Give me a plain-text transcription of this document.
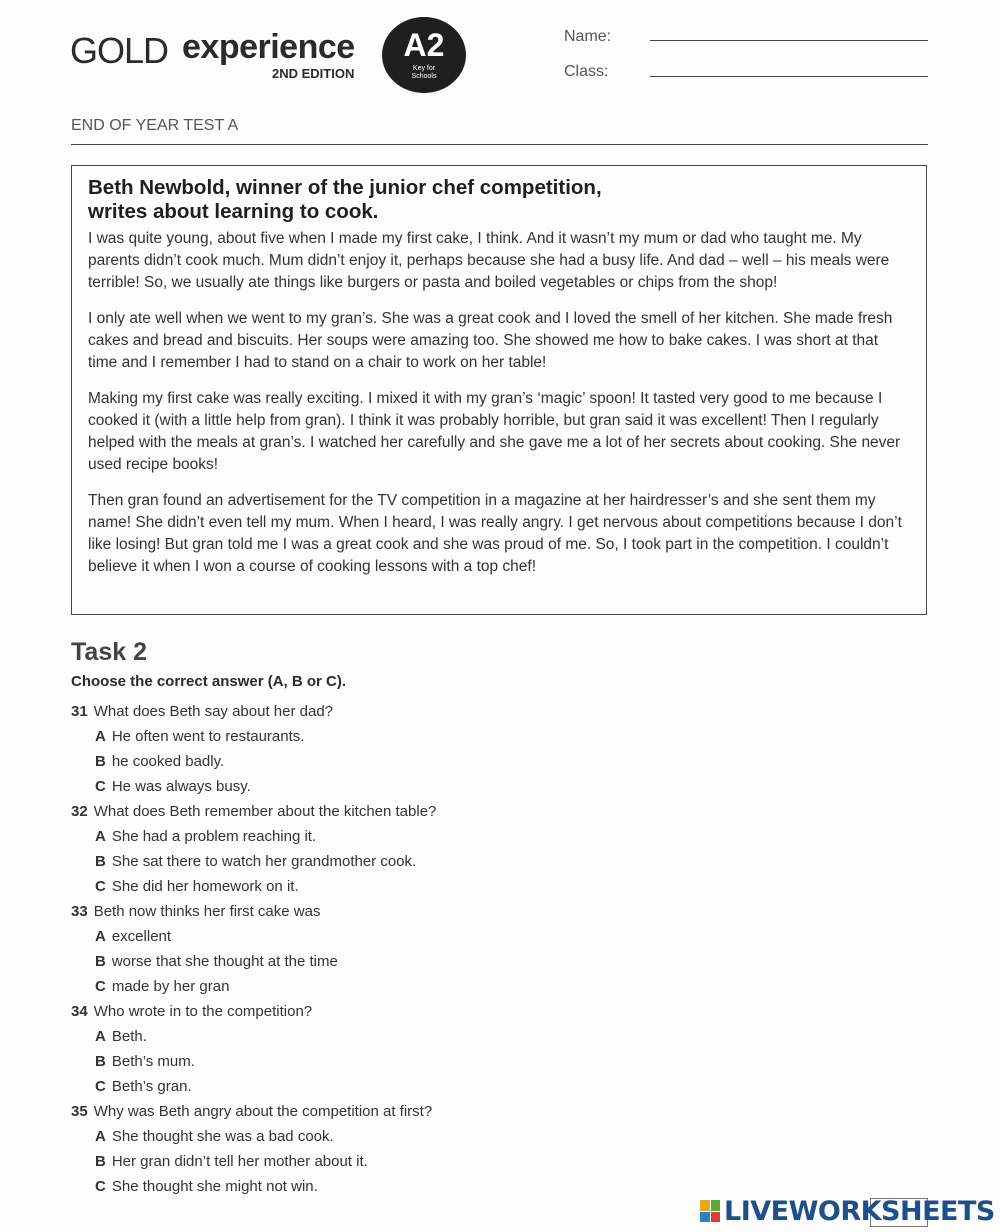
GOLD experience
2ND EDITION
A2
Key for
Schools
Name:
Class:
END OF YEAR TEST A
Beth Newbold, winner of the junior chef competition,
writes about learning to cook.

I was quite young, about five when I made my first cake, I think. And it wasn’t my mum or dad who taught me. My parents didn’t cook much. Mum didn’t enjoy it, perhaps because she had a busy life. And dad – well – his meals were terrible! So, we usually ate things like burgers or pasta and boiled vegetables or chips from the shop!

I only ate well when we went to my gran’s. She was a great cook and I loved the smell of her kitchen. She made fresh cakes and bread and biscuits. Her soups were amazing too. She showed me how to bake cakes. I was short at that time and I remember I had to stand on a chair to work on her table!

Making my first cake was really exciting. I mixed it with my gran’s ‘magic’ spoon! It tasted very good to me because I cooked it (with a little help from gran). I think it was probably horrible, but gran said it was excellent! Then I regularly helped with the meals at gran’s. I watched her carefully and she gave me a lot of her secrets about cooking. She never used recipe books!

Then gran found an advertisement for the TV competition in a magazine at her hairdresser’s and she sent them my name! She didn’t even tell my mum. When I heard, I was really angry. I get nervous about competitions because I don’t like losing! But gran told me I was a great cook and she was proud of me. So, I took part in the competition. I couldn’t believe it when I won a course of cooking lessons with a top chef!

Task 2
Choose the correct answer (A, B or C).
31 What does Beth say about her dad?
A He often went to restaurants.
B he cooked badly.
C He was always busy.
32 What does Beth remember about the kitchen table?
A She had a problem reaching it.
B She sat there to watch her grandmother cook.
C She did her homework on it.
33 Beth now thinks her first cake was
A excellent
B worse that she thought at the time
C made by her gran
34 Who wrote in to the competition?
A Beth.
B Beth’s mum.
C Beth’s gran.
35 Why was Beth angry about the competition at first?
A She thought she was a bad cook.
B Her gran didn’t tell her mother about it.
C She thought she might not win.
LIVEWORKSHEETS
